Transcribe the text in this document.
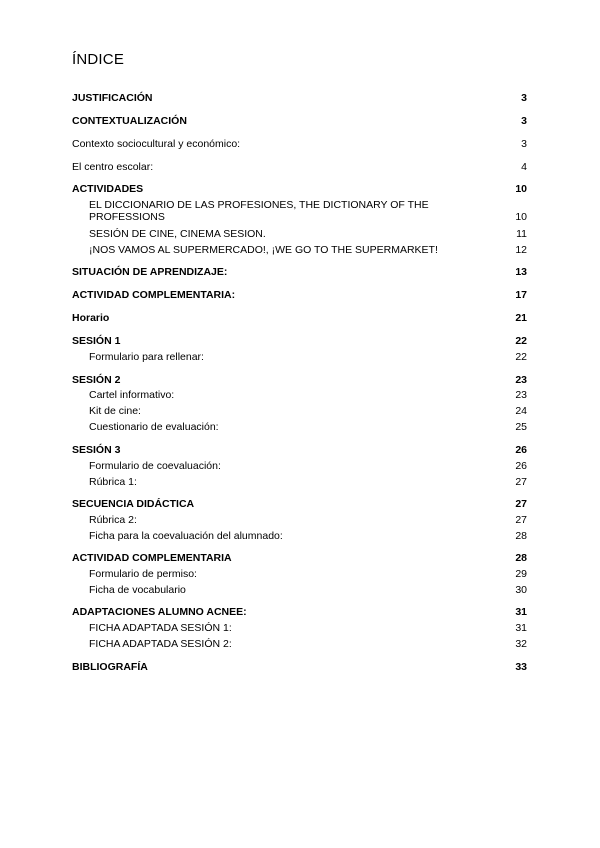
ÍNDICE
JUSTIFICACIÓN	3
CONTEXTUALIZACIÓN	3
Contexto sociocultural y económico:	3
El centro escolar:	4
ACTIVIDADES	10
EL DICCIONARIO DE LAS PROFESIONES, THE DICTIONARY OF THE PROFESSIONS	10
SESIÓN DE CINE, CINEMA SESION.	11
¡NOS VAMOS AL SUPERMERCADO!, ¡WE GO TO THE SUPERMARKET!	12
SITUACIÓN DE APRENDIZAJE:	13
ACTIVIDAD COMPLEMENTARIA:	17
Horario	21
SESIÓN 1	22
Formulario para rellenar:	22
SESIÓN 2	23
Cartel informativo:	23
Kit de cine:	24
Cuestionario de evaluación:	25
SESIÓN 3	26
Formulario de coevaluación:	26
Rúbrica 1:	27
SECUENCIA DIDÁCTICA	27
Rúbrica 2:	27
Ficha para la coevaluación del alumnado:	28
ACTIVIDAD COMPLEMENTARIA	28
Formulario de permiso:	29
Ficha de vocabulario	30
ADAPTACIONES ALUMNO ACNEE:	31
FICHA ADAPTADA SESIÓN 1:	31
FICHA ADAPTADA SESIÓN 2:	32
BIBLIOGRAFÍA	33
